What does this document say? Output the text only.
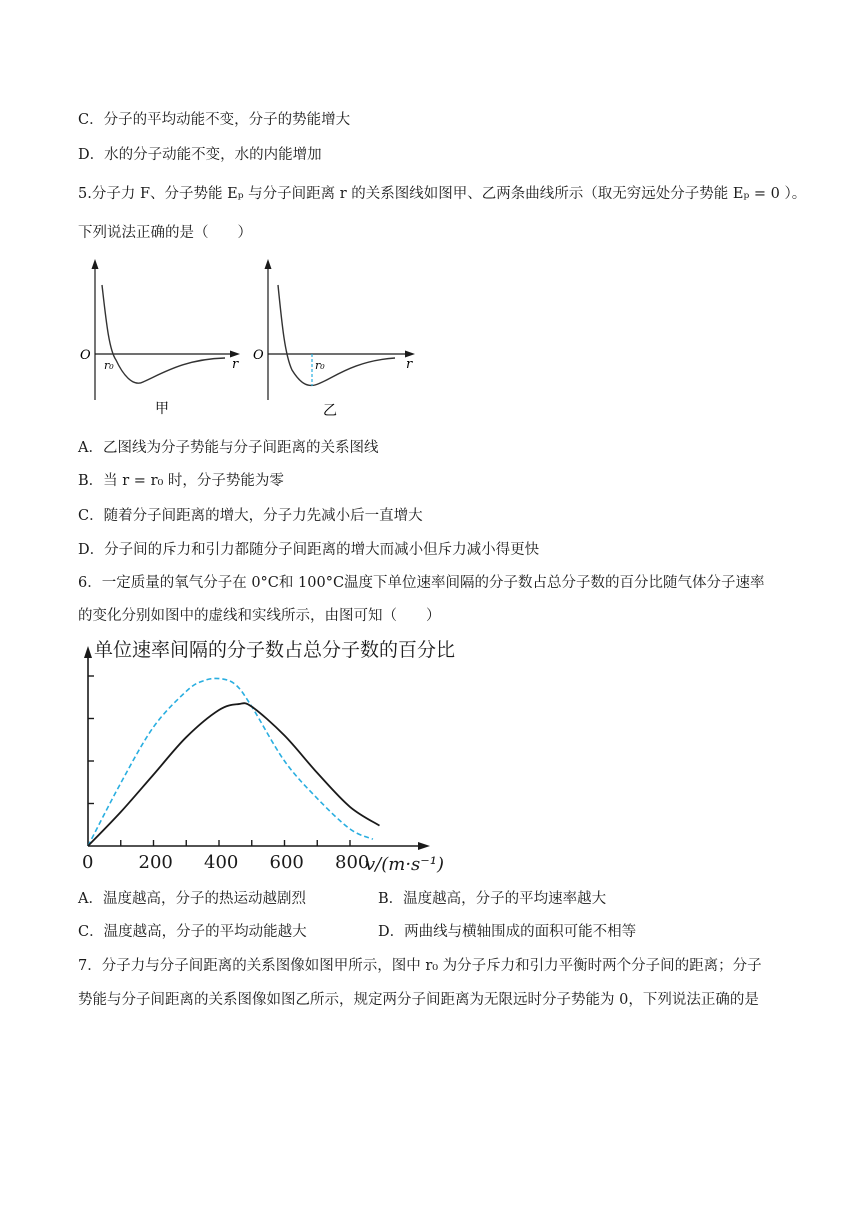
C．分子的平均动能不变，分子的势能增大
D．水的分子动能不变，水的内能增加
5.分子力 F、分子势能 Eₚ 与分子间距离 r 的关系图线如图甲、乙两条曲线所示（取无穷远处分子势能 Eₚ = 0 ）。
下列说法正确的是（　　）
O
r
r₀
O
r
r₀
甲	乙
A．乙图线为分子势能与分子间距离的关系图线
B．当 r = r₀ 时，分子势能为零
C．随着分子间距离的增大，分子力先减小后一直增大
D．分子间的斥力和引力都随分子间距离的增大而减小但斥力减小得更快
6．一定质量的氧气分子在 0°C和 100°C温度下单位速率间隔的分子数占总分子数的百分比随气体分子速率
的变化分别如图中的虚线和实线所示，由图可知（　　）
单位速率间隔的分子数占总分子数的百分比
0	200 400 600 800
v/(m·s⁻¹)
A．温度越高，分子的热运动越剧烈	B．温度越高，分子的平均速率越大
C．温度越高，分子的平均动能越大	D．两曲线与横轴围成的面积可能不相等
7．分子力与分子间距离的关系图像如图甲所示，图中 r₀ 为分子斥力和引力平衡时两个分子间的距离；分子
势能与分子间距离的关系图像如图乙所示，规定两分子间距离为无限远时分子势能为 0，下列说法正确的是
